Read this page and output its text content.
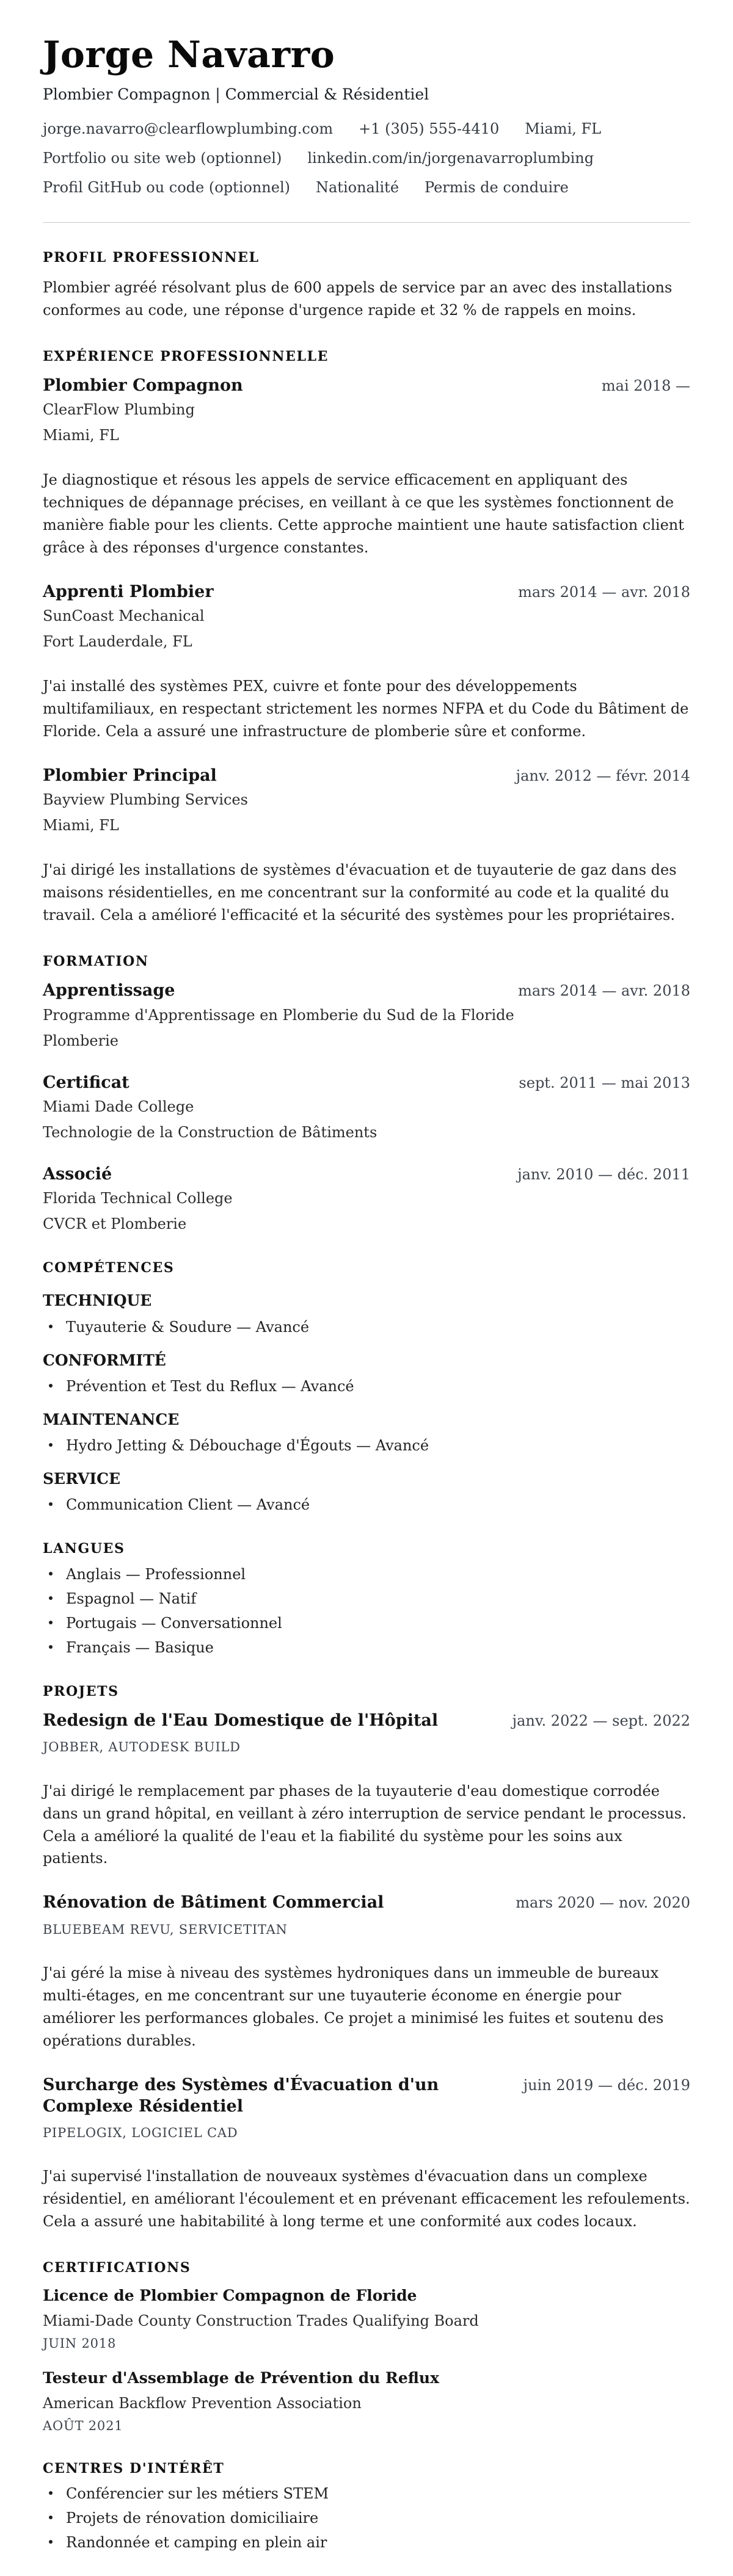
Jorge Navarro
Plombier Compagnon | Commercial & Résidentiel
jorge.navarro@clearflowplumbing.com +1 (305) 555-4410 Miami, FL
Portfolio ou site web (optionnel) linkedin.com/in/jorgenavarroplumbing
Profil GitHub ou code (optionnel) Nationalité Permis de conduire
PROFIL PROFESSIONNEL
Plombier agréé résolvant plus de 600 appels de service par an avec des installations conformes au code, une réponse d'urgence rapide et 32 % de rappels en moins.
EXPÉRIENCE PROFESSIONNELLE
Plombier Compagnon	mai 2018 —
ClearFlow Plumbing
Miami, FL
Je diagnostique et résous les appels de service efficacement en appliquant des techniques de dépannage précises, en veillant à ce que les systèmes fonctionnent de manière fiable pour les clients. Cette approche maintient une haute satisfaction client grâce à des réponses d'urgence constantes.
Apprenti Plombier	mars 2014 — avr. 2018
SunCoast Mechanical
Fort Lauderdale, FL
J'ai installé des systèmes PEX, cuivre et fonte pour des développements multifamiliaux, en respectant strictement les normes NFPA et du Code du Bâtiment de Floride. Cela a assuré une infrastructure de plomberie sûre et conforme.
Plombier Principal	janv. 2012 — févr. 2014
Bayview Plumbing Services
Miami, FL
J'ai dirigé les installations de systèmes d'évacuation et de tuyauterie de gaz dans des maisons résidentielles, en me concentrant sur la conformité au code et la qualité du travail. Cela a amélioré l'efficacité et la sécurité des systèmes pour les propriétaires.
FORMATION
Apprentissage	mars 2014 — avr. 2018
Programme d'Apprentissage en Plomberie du Sud de la Floride
Plomberie
Certificat	sept. 2011 — mai 2013
Miami Dade College
Technologie de la Construction de Bâtiments
Associé	janv. 2010 — déc. 2011
Florida Technical College
CVCR et Plomberie
COMPÉTENCES
TECHNIQUE
Tuyauterie & Soudure — Avancé
CONFORMITÉ
Prévention et Test du Reflux — Avancé
MAINTENANCE
Hydro Jetting & Débouchage d'Égouts — Avancé
SERVICE
Communication Client — Avancé
LANGUES
Anglais — Professionnel
Espagnol — Natif
Portugais — Conversationnel
Français — Basique
PROJETS
Redesign de l'Eau Domestique de l'Hôpital	janv. 2022 — sept. 2022
JOBBER, AUTODESK BUILD
J'ai dirigé le remplacement par phases de la tuyauterie d'eau domestique corrodée dans un grand hôpital, en veillant à zéro interruption de service pendant le processus. Cela a amélioré la qualité de l'eau et la fiabilité du système pour les soins aux patients.
Rénovation de Bâtiment Commercial	mars 2020 — nov. 2020
BLUEBEAM REVU, SERVICETITAN
J'ai géré la mise à niveau des systèmes hydroniques dans un immeuble de bureaux multi-étages, en me concentrant sur une tuyauterie économe en énergie pour améliorer les performances globales. Ce projet a minimisé les fuites et soutenu des opérations durables.
Surcharge des Systèmes d'Évacuation d'un Complexe Résidentiel
juin 2019 — déc. 2019
PIPELOGIX, LOGICIEL CAD
J'ai supervisé l'installation de nouveaux systèmes d'évacuation dans un complexe résidentiel, en améliorant l'écoulement et en prévenant efficacement les refoulements. Cela a assuré une habitabilité à long terme et une conformité aux codes locaux.
CERTIFICATIONS
Licence de Plombier Compagnon de Floride
Miami-Dade County Construction Trades Qualifying Board
JUIN 2018
Testeur d'Assemblage de Prévention du Reflux
American Backflow Prevention Association
AOÛT 2021
CENTRES D'INTÉRÊT
Conférencier sur les métiers STEM
Projets de rénovation domiciliaire
Randonnée et camping en plein air
